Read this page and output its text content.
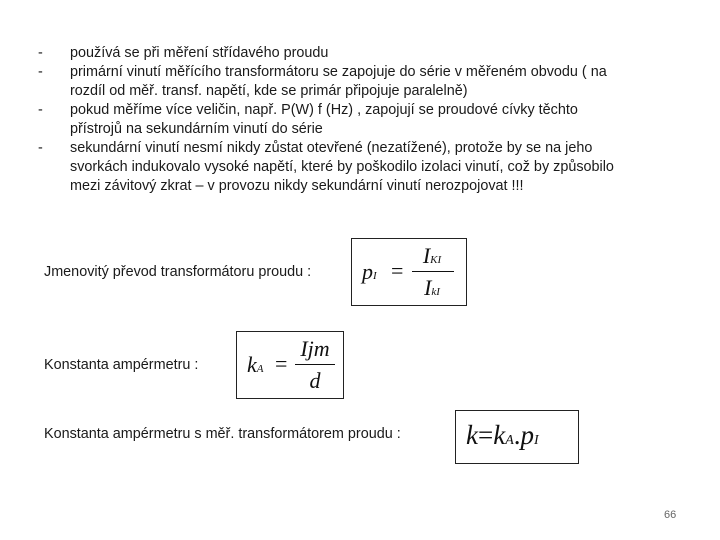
-	používá se při měření střídavého proudu
-	primární vinutí měřícího transformátoru se zapojuje do série v měřeném obvodu ( na
rozdíl od měř. transf. napětí, kde se primár připojuje paralelně)
-	pokud měříme více veličin, např. P(W) f (Hz) , zapojují se proudové cívky těchto
přístrojů na sekundárním vinutí do série
-	sekundární vinutí nesmí nikdy zůstat otevřené (nezatížené), protože by se na jeho
svorkách indukovalo vysoké napětí, které by poškodilo izolaci vinutí, což by způsobilo
mezi závitový zkrat – v provozu nikdy sekundární vinutí nerozpojovat !!!
Jmenovitý převod transformátoru proudu : pI =
IKI
IkI
Konstanta ampérmetru : kA =
Ijm
d
Konstanta ampérmetru s měř. transformátorem proudu : k=kA.pI
66
